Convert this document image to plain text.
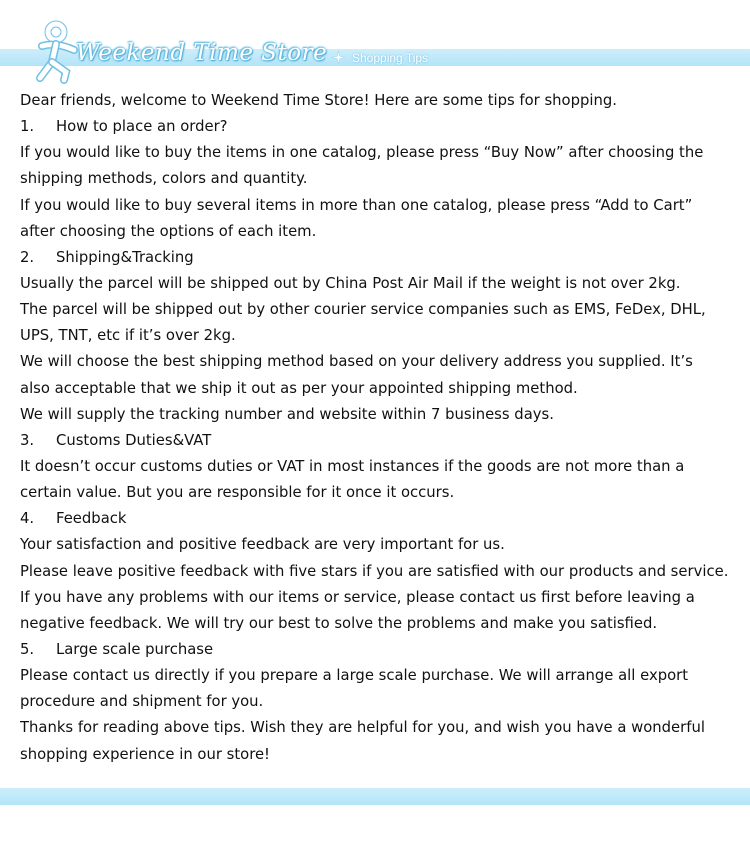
Weekend Time Store Shopping Tips
Dear friends, welcome to Weekend Time Store! Here are some tips for shopping.
1. How to place an order?
If you would like to buy the items in one catalog, please press “Buy Now” after choosing the
shipping methods, colors and quantity.
If you would like to buy several items in more than one catalog, please press “Add to Cart”
after choosing the options of each item.
2. Shipping&Tracking
Usually the parcel will be shipped out by China Post Air Mail if the weight is not over 2kg.
The parcel will be shipped out by other courier service companies such as EMS, FeDex, DHL,
UPS, TNT, etc if it’s over 2kg.
We will choose the best shipping method based on your delivery address you supplied. It’s
also acceptable that we ship it out as per your appointed shipping method.
We will supply the tracking number and website within 7 business days.
3. Customs Duties&VAT
It doesn’t occur customs duties or VAT in most instances if the goods are not more than a
certain value. But you are responsible for it once it occurs.
4. Feedback
Your satisfaction and positive feedback are very important for us.
Please leave positive feedback with five stars if you are satisfied with our products and service.
If you have any problems with our items or service, please contact us first before leaving a
negative feedback. We will try our best to solve the problems and make you satisfied.
5. Large scale purchase
Please contact us directly if you prepare a large scale purchase. We will arrange all export
procedure and shipment for you.
Thanks for reading above tips. Wish they are helpful for you, and wish you have a wonderful
shopping experience in our store!
